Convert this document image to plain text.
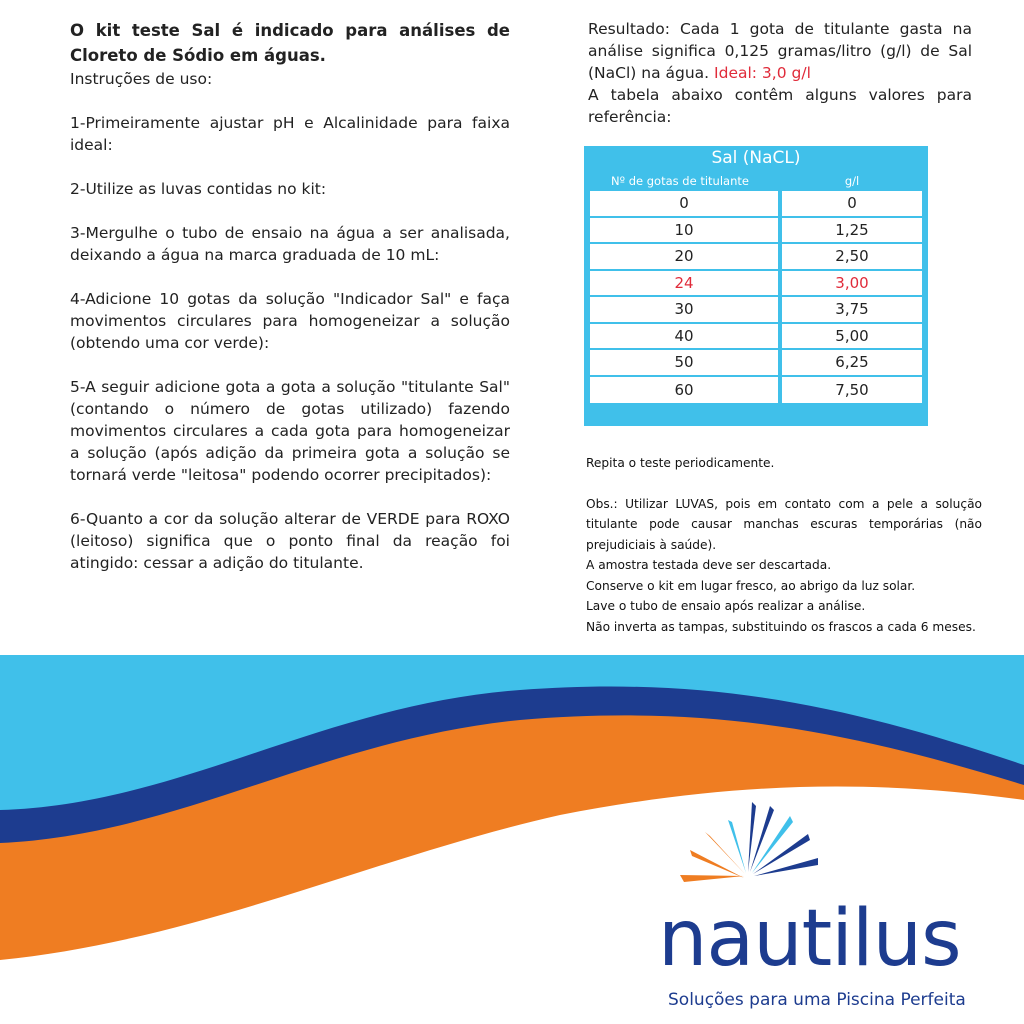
O kit teste Sal é indicado para análises de Cloreto de Sódio em águas.

Instruções de uso:

1-Primeiramente ajustar pH e Alcalinidade para faixa ideal:

2-Utilize as luvas contidas no kit:

3-Mergulhe o tubo de ensaio na água a ser analisada, deixando a água na marca graduada de 10 mL:

4-Adicione 10 gotas da solução "Indicador Sal" e faça movimentos circulares para homogeneizar a solução (obtendo uma cor verde):

5-A seguir adicione gota a gota a solução "titulante Sal" (contando o número de gotas utilizado) fazendo movimentos circulares a cada gota para homogeneizar a solução (após adição da primeira gota a solução se tornará verde "leitosa" podendo ocorrer precipitados):

6-Quanto a cor da solução alterar de VERDE para ROXO (leitoso) significa que o ponto final da reação foi atingido: cessar a adição do titulante.

Resultado: Cada 1 gota de titulante gasta na análise significa 0,125 gramas/litro (g/l) de Sal (NaCl) na água. Ideal: 3,0 g/l

A tabela abaixo contêm alguns valores para referência:

Sal (NaCL)
Nº de gotas de titulante	g/l
0
10
20
24
30
40
50
60
0
1,25
2,50
3,00
3,75
5,00
6,25
7,50

Repita o teste periodicamente.

Obs.: Utilizar LUVAS, pois em contato com a pele a solução titulante pode causar manchas escuras temporárias (não prejudiciais à saúde).

A amostra testada deve ser descartada.

Conserve o kit em lugar fresco, ao abrigo da luz solar.

Lave o tubo de ensaio após realizar a análise.

Não inverta as tampas, substituindo os frascos a cada 6 meses.

nautilus
Soluções para uma Piscina Perfeita
